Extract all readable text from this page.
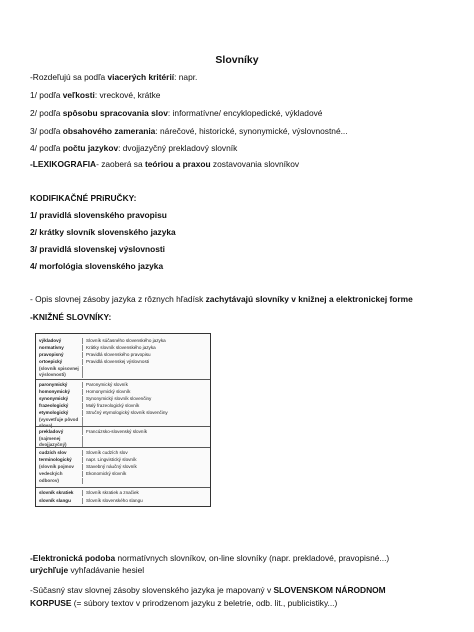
Slovníky
-Rozdeľujú sa podľa viacerých kritérií: napr.
1/ podľa veľkosti: vreckové, krátke
2/ podľa spôsobu spracovania slov: informatívne/ encyklopedické, výkladové
3/ podľa obsahového zamerania: nárečové, historické, synonymické, výslovnostné...
4/ podľa počtu jazykov: dvojjazyčný prekladový slovník
-LEXIKOGRAFIA- zaoberá sa teóriou a praxou zostavovania slovníkov
KODIFIKAČNÉ PRíRUČKY:
1/ pravidlá slovenského pravopisu
2/ krátky slovník slovenského jazyka
3/ pravidlá slovenskej výslovnosti
4/ morfológia slovenského jazyka
- Opis slovnej zásoby jazyka z rôznych hľadísk zachytávajú slovníky v knižnej a elektronickej forme
-KNIŽNÉ SLOVNÍKY:
výkladový	Slovník súčasného slovenského jazyka
normatívny	Krátky slovník slovenského jazyka
pravopisný	Pravidlá slovenského pravopisu
ortoepický	Pravidlá slovenskej výslovnosti
(slovník spisovnej výslovnosti)
paronymický	Paronymický slovník
homonymický	Homonymický slovník
synonymický	Synonymický slovník slovenčiny
frazeologický	Malý frazeologický slovník
etymologický	Stručný etymologický slovník slovenčiny
(vysvetľuje pôvod slova)
prekladový	Francúzsko-slovenský slovník
(najmenej dvojjazyčný)
cudzích slov	Slovník cudzích slov
terminologický	napr. Lingvistický slovník
(slovník pojmov	Stavebný náučný slovník
vedeckých	Ekonomický slovník
odborov)
slovník skratiek	Slovník skratiek a značiek
slovník slangu	Slovník slovenského slangu
-Elektronická podoba normatívnych slovníkov, on-line slovníky (napr. prekladové, pravopisné...)
urýchľuje vyhľadávanie hesiel
-Súčasný stav slovnej zásoby slovenského jazyka je mapovaný v SLOVENSKOM NÁRODNOM
KORPUSE (= súbory textov v prirodzenom jazyku z beletrie, odb. lit., publicistiky...)
